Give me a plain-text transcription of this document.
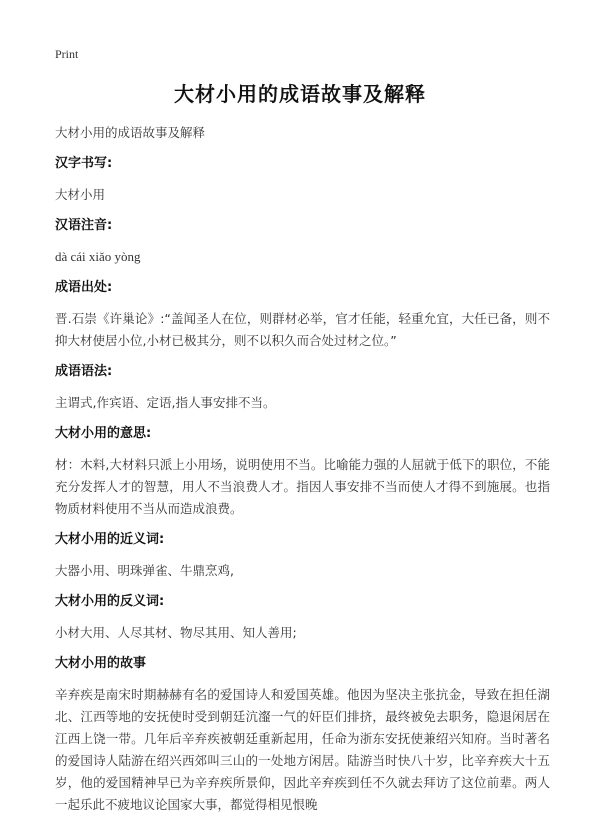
Print
大材小用的成语故事及解释

大材小用的成语故事及解释

汉字书写:

大材小用

汉语注音:

dà cái xiǎo yòng

成语出处:

晋.石崇《许巢论》:“盖闻圣人在位，则群材必举，官才任能，轻重允宜，大任已备，则不抑大材使居小位,小材已极其分，则不以积久而合处过材之位。”

成语语法:

主谓式,作宾语、定语,指人事安排不当。

大材小用的意思:

材：木料,大材料只派上小用场，说明使用不当。比喻能力强的人屈就于低下的职位，不能充分发挥人才的智慧，用人不当浪费人才。指因人事安排不当而使人才得不到施展。也指物质材料使用不当从而造成浪费。

大材小用的近义词:

大器小用、明珠弹雀、牛鼎烹鸡,

大材小用的反义词:

小材大用、人尽其材、物尽其用、知人善用;

大材小用的故事

辛弃疾是南宋时期赫赫有名的爱国诗人和爱国英雄。他因为坚决主张抗金，导致在担任湖北、江西等地的安抚使时受到朝廷沆瀣一气的奸臣们排挤，最终被免去职务，隐退闲居在江西上饶一带。几年后辛弃疾被朝廷重新起用，任命为浙东安抚使兼绍兴知府。当时著名的爱国诗人陆游在绍兴西郊叫三山的一处地方闲居。陆游当时快八十岁，比辛弃疾大十五岁，他的爱国精神早已为辛弃疾所景仰，因此辛弃疾到任不久就去拜访了这位前辈。两人一起乐此不疲地议论国家大事，都觉得相见恨晚
